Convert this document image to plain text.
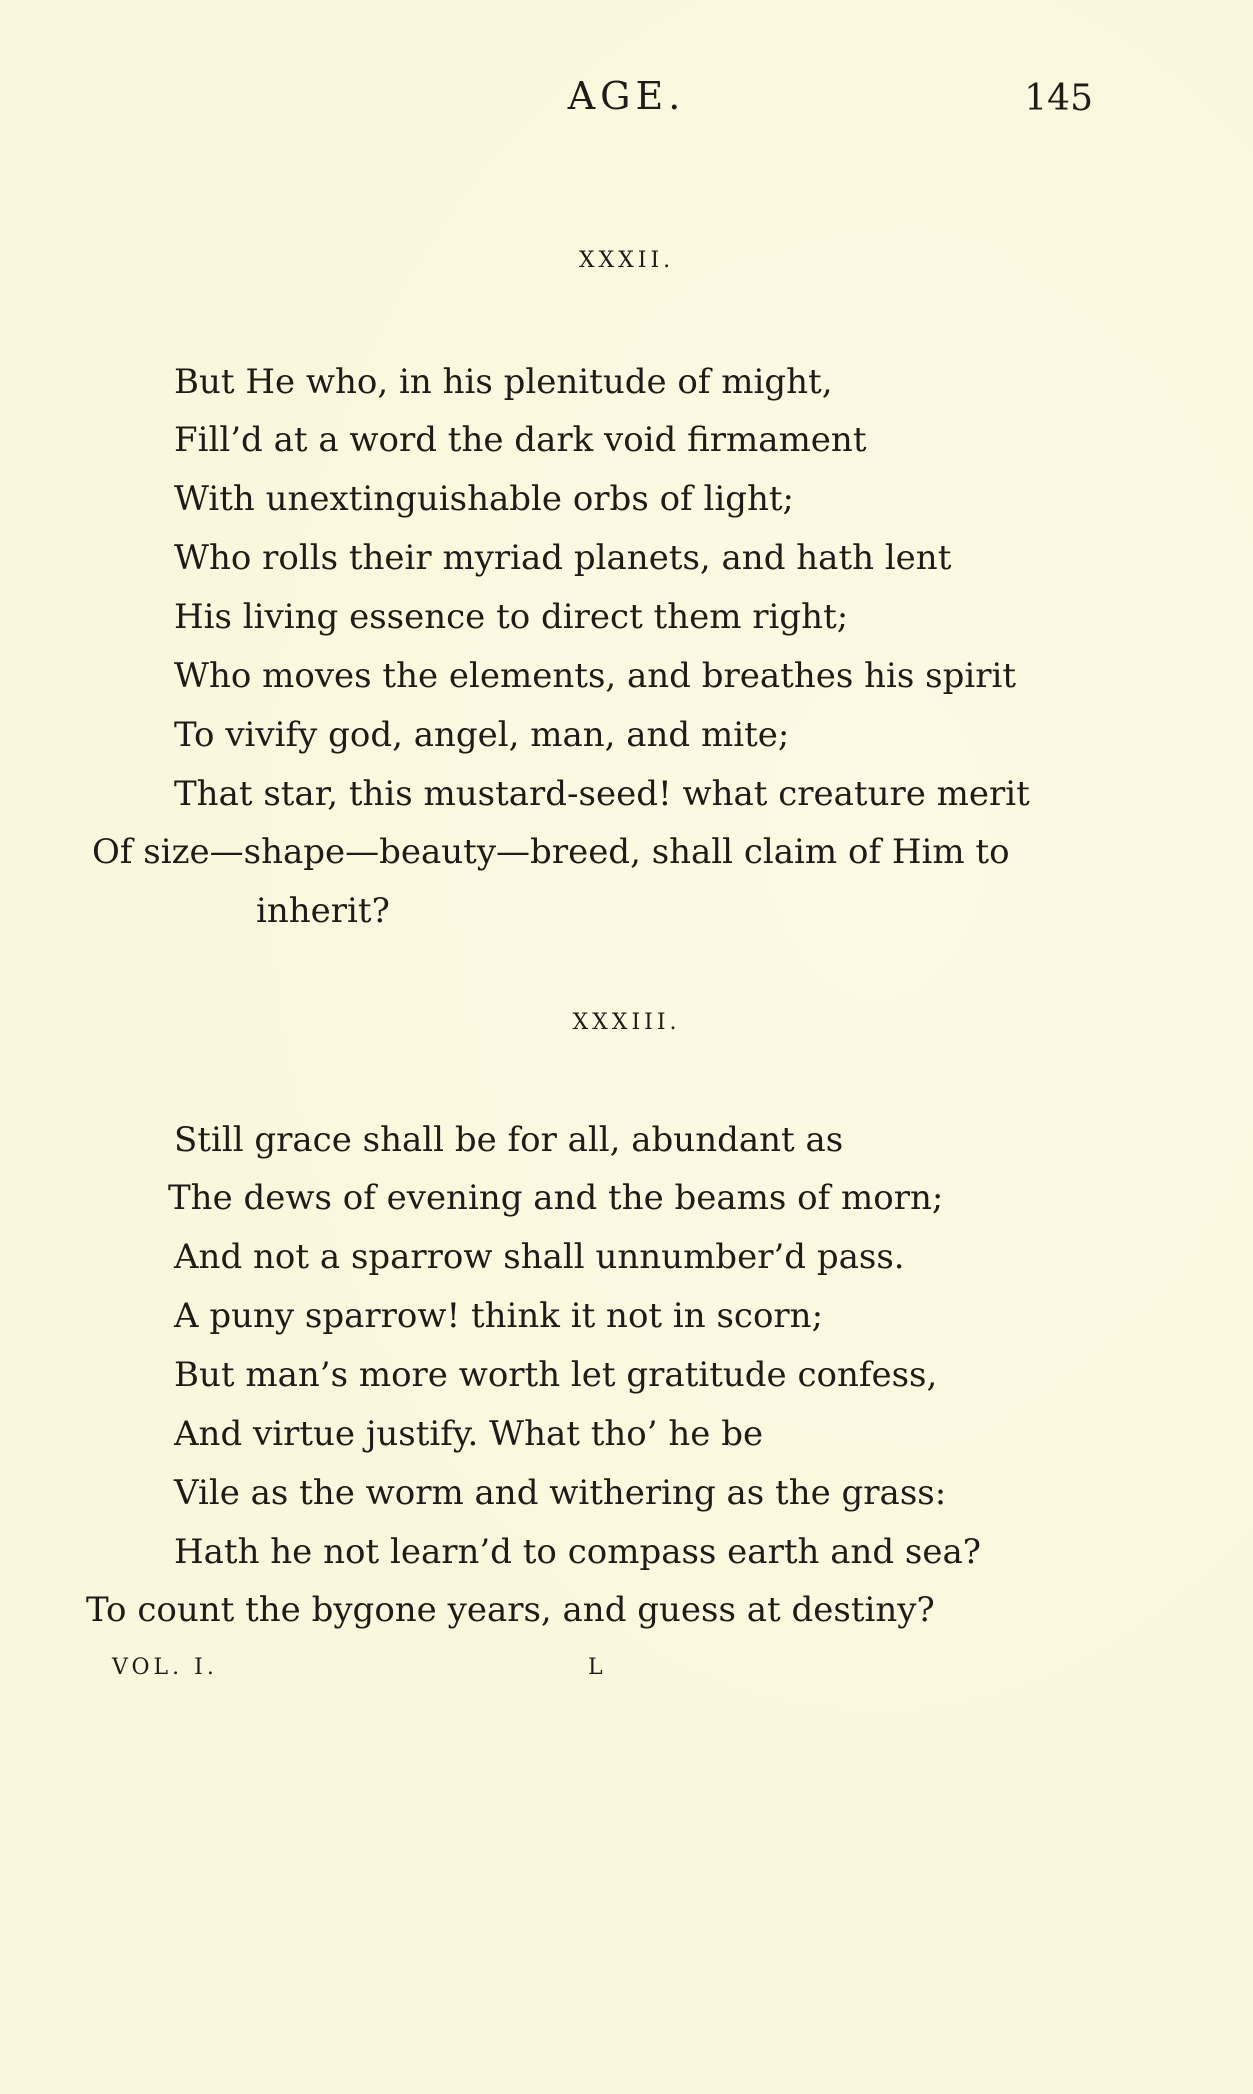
AGE.	145
XXXII.
But He who, in his plenitude of might,
Fill’d at a word the dark void firmament
With unextinguishable orbs of light;
Who rolls their myriad planets, and hath lent
His living essence to direct them right;
Who moves the elements, and breathes his spirit
To vivify god, angel, man, and mite;
That star, this mustard-seed! what creature merit
Of size—shape—beauty—breed, shall claim of Him to
inherit?
XXXIII.
Still grace shall be for all, abundant as
The dews of evening and the beams of morn;
And not a sparrow shall unnumber’d pass.
A puny sparrow! think it not in scorn;
But man’s more worth let gratitude confess,
And virtue justify. What tho’ he be
Vile as the worm and withering as the grass:
Hath he not learn’d to compass earth and sea?
To count the bygone years, and guess at destiny?
VOL. I.	L
